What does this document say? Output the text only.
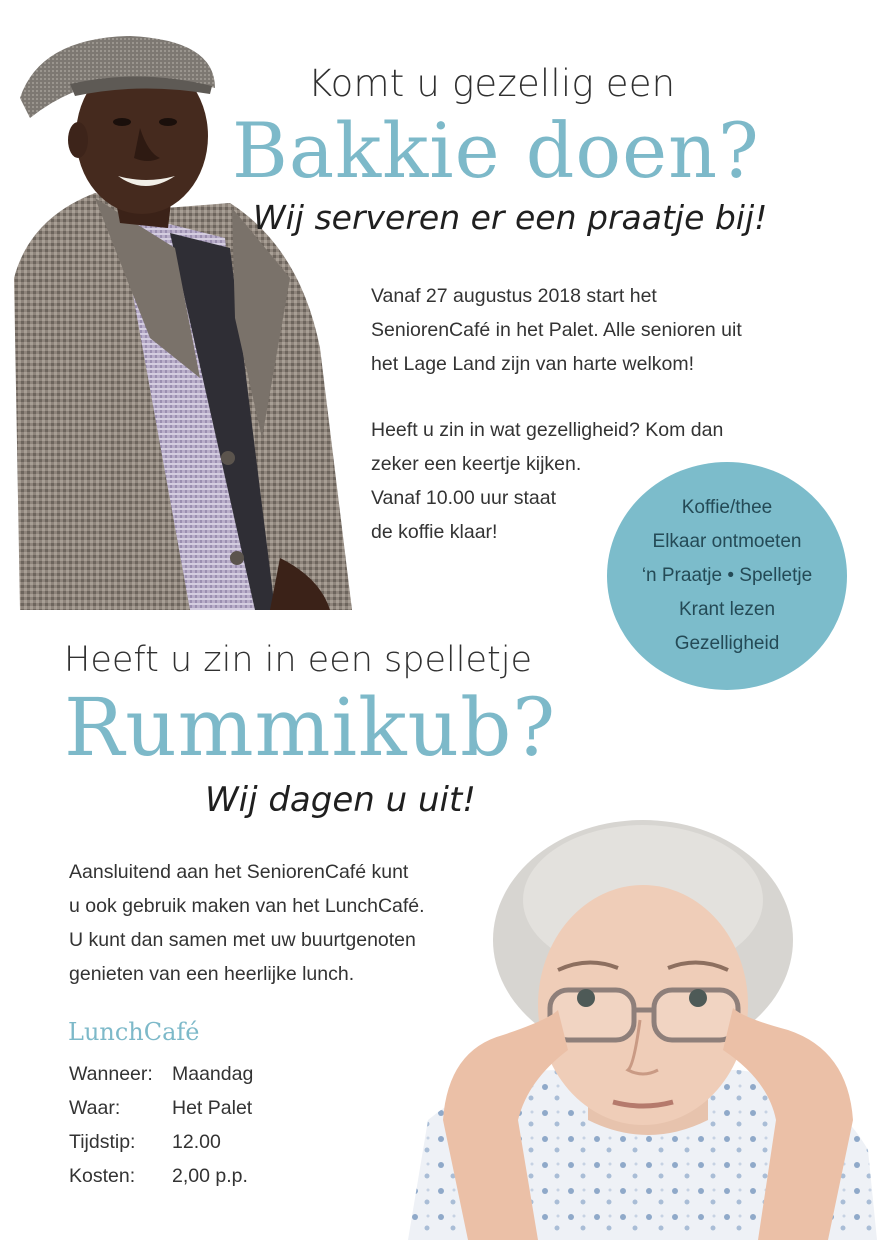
Komt u gezellig een
Bakkie doen?
Wij serveren er een praatje bij!
Vanaf 27 augustus 2018 start het
SeniorenCafé in het Palet. Alle senioren uit
het Lage Land zijn van harte welkom!
Heeft u zin in wat gezelligheid? Kom dan
zeker een keertje kijken.
Vanaf 10.00 uur staat
de koffie klaar!
Koffie/thee
Elkaar ontmoeten
‘n Praatje • Spelletje
Krant lezen
Gezelligheid
Heeft u zin in een spelletje
Rummikub?
Wij dagen u uit!
Aansluitend aan het SeniorenCafé kunt
u ook gebruik maken van het LunchCafé.
U kunt dan samen met uw buurtgenoten
genieten van een heerlijke lunch.
LunchCafé
Wanneer: Maandag
Waar:	Het Palet
Tijdstip: 12.00
Kosten: 2,00 p.p.
